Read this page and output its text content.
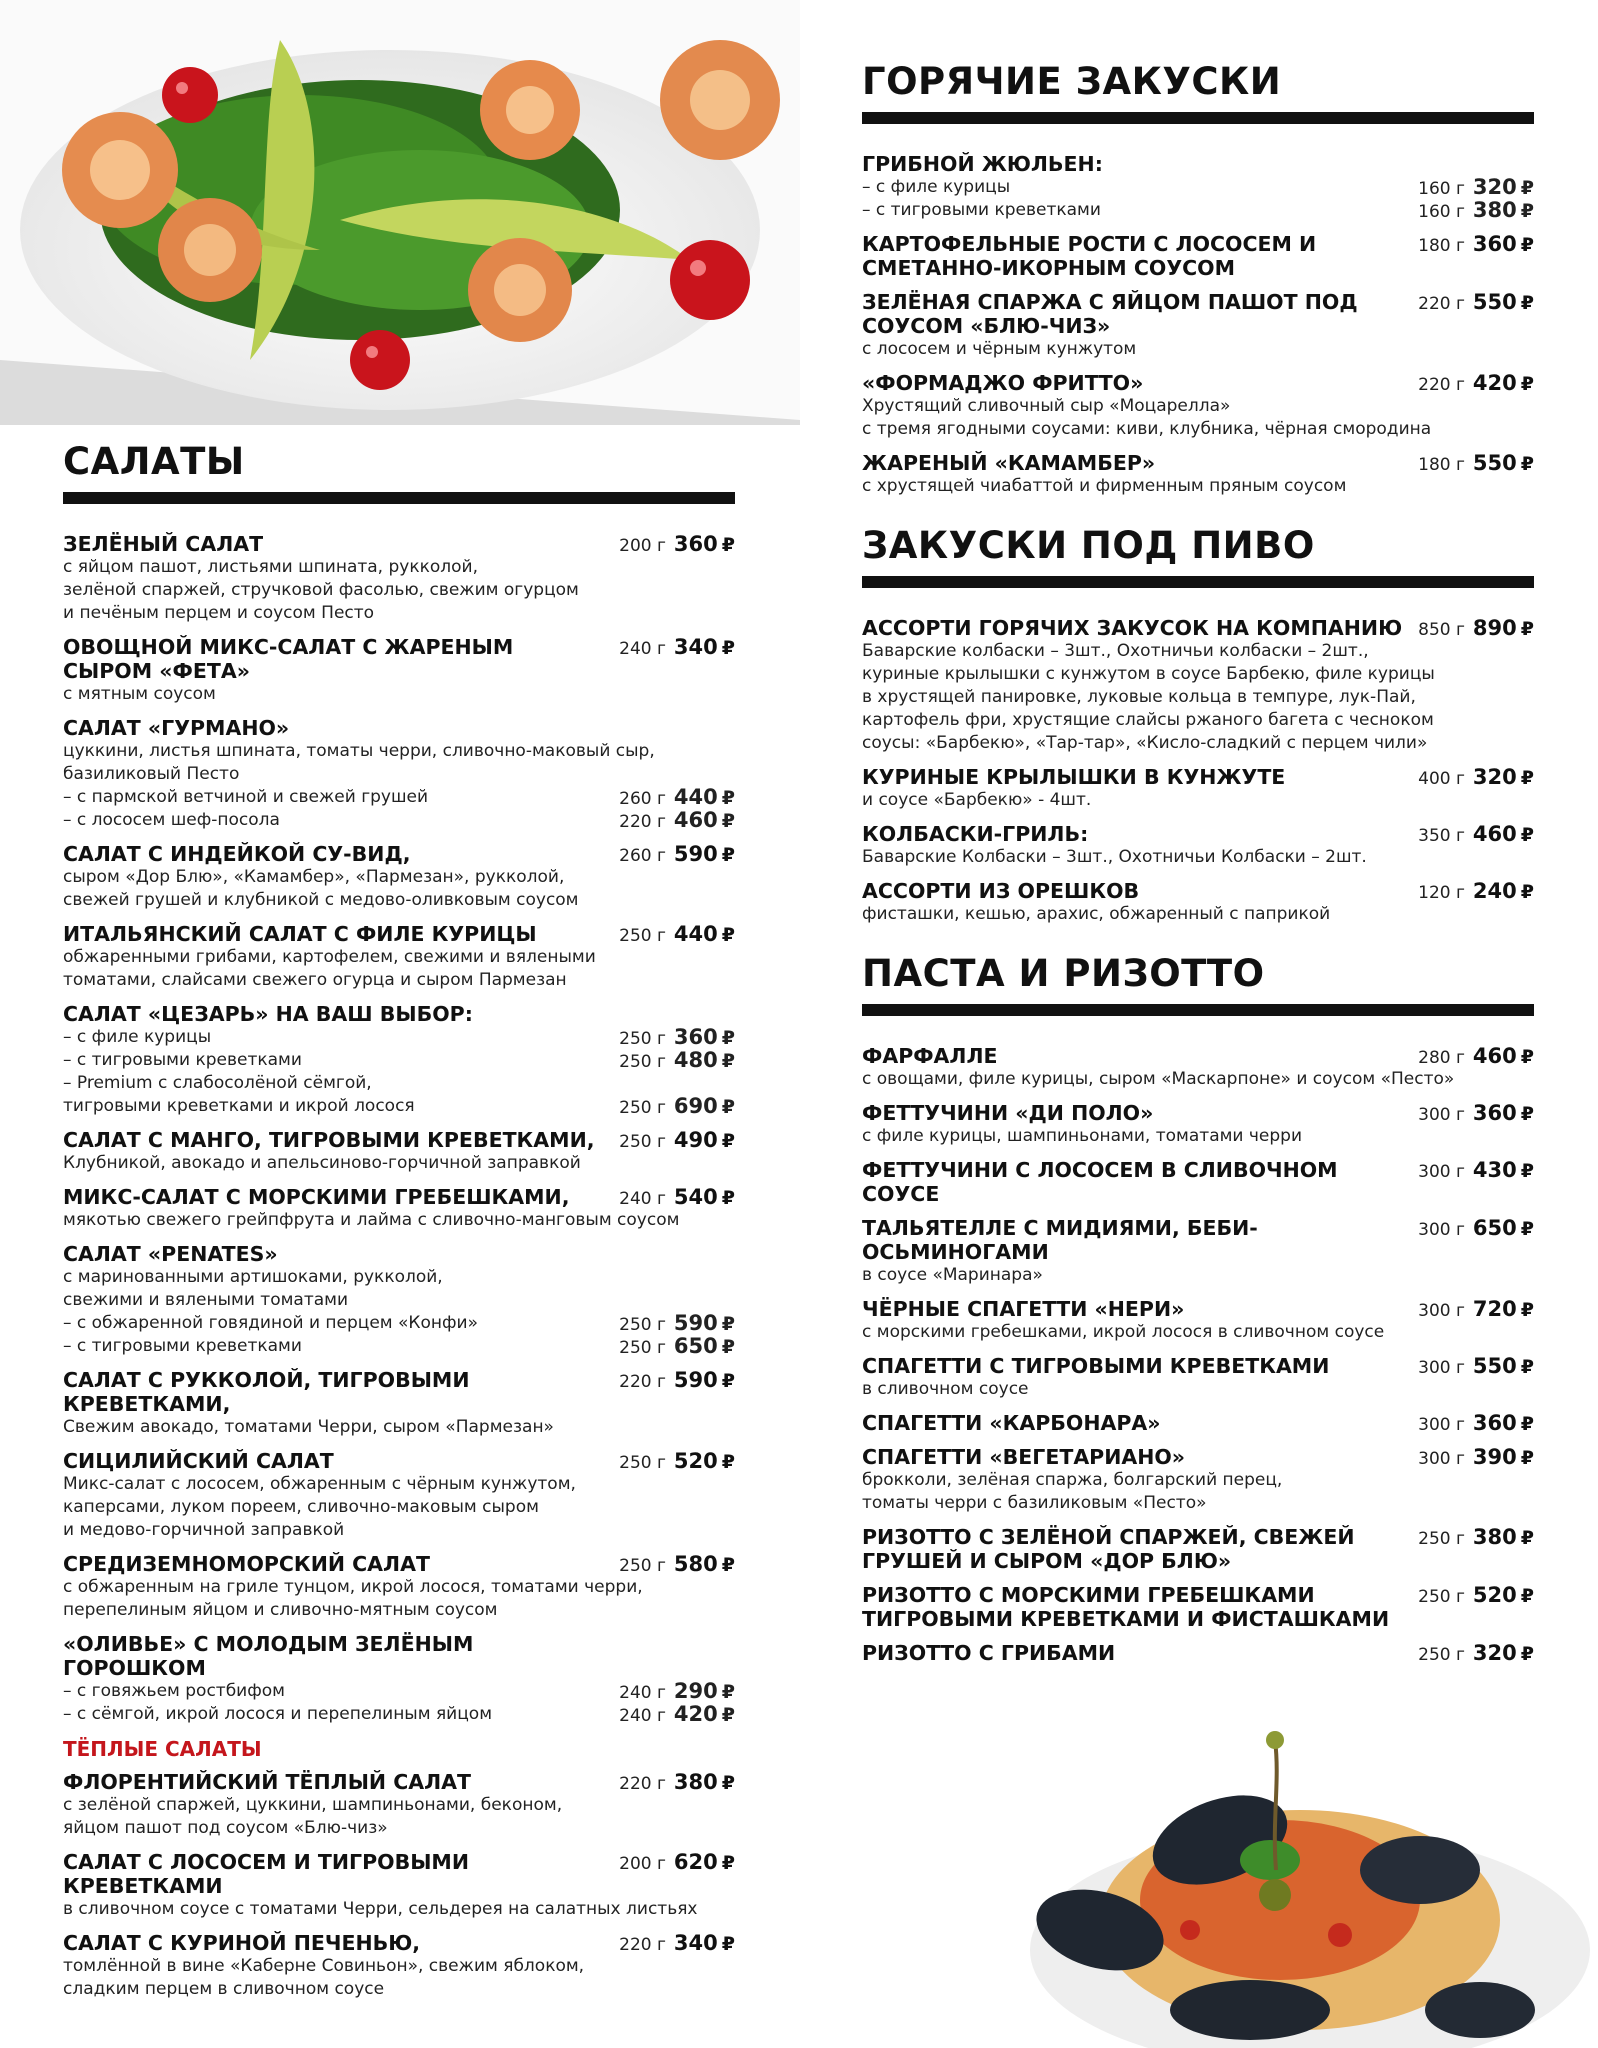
САЛАТЫ
ЗЕЛЁНЫЙ САЛАТ	200 г 360 ₽
с яйцом пашот, листьями шпината, рукколой,
зелёной спаржей, стручковой фасолью, свежим огурцом
и печёным перцем и соусом Песто
ОВОЩНОЙ МИКС-САЛАТ С ЖАРЕНЫМ СЫРОМ «ФЕТА»
240 г 340 ₽
с мятным соусом
САЛАТ «ГУРМАНО»
цуккини, листья шпината, томаты черри, сливочно-маковый сыр,
базиликовый Песто
– с пармской ветчиной и свежей грушей	260 г 440 ₽
– с лососем шеф-посола	220 г 460 ₽
САЛАТ С ИНДЕЙКОЙ СУ-ВИД,	260 г 590 ₽
сыром «Дор Блю», «Камамбер», «Пармезан», рукколой,
свежей грушей и клубникой с медово-оливковым соусом
ИТАЛЬЯНСКИЙ САЛАТ С ФИЛЕ КУРИЦЫ	250 г 440 ₽
обжаренными грибами, картофелем, свежими и вялеными
томатами, слайсами свежего огурца и сыром Пармезан
САЛАТ «ЦЕЗАРЬ» НА ВАШ ВЫБОР:
– с филе курицы	250 г 360 ₽
– с тигровыми креветками	250 г 480 ₽
– Premium с слабосолёной сёмгой,
тигровыми креветками и икрой лосося	250 г 690 ₽
САЛАТ С МАНГО, ТИГРОВЫМИ КРЕВЕТКАМИ,	250 г 490 ₽
Клубникой, авокадо и апельсиново-горчичной заправкой
МИКС-САЛАТ С МОРСКИМИ ГРЕБЕШКАМИ,	240 г 540 ₽
мякотью свежего грейпфрута и лайма с сливочно-манговым соусом
САЛАТ «PENATES»
с маринованными артишоками, рукколой,
свежими и вялеными томатами
– с обжаренной говядиной и перцем «Конфи»	250 г 590 ₽
– с тигровыми креветками	250 г 650 ₽
САЛАТ С РУККОЛОЙ, ТИГРОВЫМИ КРЕВЕТКАМИ,
220 г 590 ₽
Свежим авокадо, томатами Черри, сыром «Пармезан»
СИЦИЛИЙСКИЙ САЛАТ	250 г 520 ₽
Микс-салат с лососем, обжаренным с чёрным кунжутом,
каперсами, луком пореем, сливочно-маковым сыром
и медово-горчичной заправкой
СРЕДИЗЕМНОМОРСКИЙ САЛАТ	250 г 580 ₽
с обжаренным на гриле тунцом, икрой лосося, томатами черри,
перепелиным яйцом и сливочно-мятным соусом
«ОЛИВЬЕ» С МОЛОДЫМ ЗЕЛЁНЫМ ГОРОШКОМ
– с говяжьем ростбифом	240 г 290 ₽
– с сёмгой, икрой лосося и перепелиным яйцом	240 г 420 ₽
ТЁПЛЫЕ САЛАТЫ
ФЛОРЕНТИЙСКИЙ ТЁПЛЫЙ САЛАТ	220 г 380 ₽
с зелёной спаржей, цуккини, шампиньонами, беконом,
яйцом пашот под соусом «Блю-чиз»
САЛАТ С ЛОСОСЕМ И ТИГРОВЫМИ КРЕВЕТКАМИ
200 г 620 ₽
в сливочном соусе с томатами Черри, сельдерея на салатных листьях
САЛАТ С КУРИНОЙ ПЕЧЕНЬЮ,	220 г 340 ₽
томлённой в вине «Каберне Совиньон», свежим яблоком,
сладким перцем в сливочном соусе
ГОРЯЧИЕ ЗАКУСКИ
ГРИБНОЙ ЖЮЛЬЕН:
– с филе курицы	160 г 320 ₽
– с тигровыми креветками	160 г 380 ₽
КАРТОФЕЛЬНЫЕ РОСТИ С ЛОСОСЕМ И СМЕТАННО-ИКОРНЫМ СОУСОМ
180 г 360 ₽
ЗЕЛЁНАЯ СПАРЖА С ЯЙЦОМ ПАШОТ ПОД СОУСОМ «БЛЮ-ЧИЗ»
220 г 550 ₽
с лососем и чёрным кунжутом
«ФОРМАДЖО ФРИТТО»	220 г 420 ₽
Хрустящий сливочный сыр «Моцарелла»
с тремя ягодными соусами: киви, клубника, чёрная смородина
ЖАРЕНЫЙ «КАМАМБЕР»	180 г 550 ₽
с хрустящей чиабаттой и фирменным пряным соусом
ЗАКУСКИ ПОД ПИВО
АССОРТИ ГОРЯЧИХ ЗАКУСОК НА КОМПАНИЮ 850 г 890 ₽
Баварские колбаски – 3шт., Охотничьи колбаски – 2шт.,
куриные крылышки с кунжутом в соусе Барбекю, филе курицы
в хрустящей панировке, луковые кольца в темпуре, лук-Пай,
картофель фри, хрустящие слайсы ржаного багета с чесноком
соусы: «Барбекю», «Тар-тар», «Кисло-сладкий с перцем чили»
КУРИНЫЕ КРЫЛЫШКИ В КУНЖУТЕ	400 г 320 ₽
и соусе «Барбекю» - 4шт.
КОЛБАСКИ-ГРИЛЬ:	350 г 460 ₽
Баварские Колбаски – 3шт., Охотничьи Колбаски – 2шт.
АССОРТИ ИЗ ОРЕШКОВ	120 г 240 ₽
фисташки, кешью, арахис, обжаренный с паприкой
ПАСТА И РИЗОТТО
ФАРФАЛЛЕ	280 г 460 ₽
с овощами, филе курицы, сыром «Маскарпоне» и соусом «Песто»
ФЕТТУЧИНИ «ДИ ПОЛО»	300 г 360 ₽
с филе курицы, шампиньонами, томатами черри
ФЕТТУЧИНИ С ЛОСОСЕМ В СЛИВОЧНОМ СОУСЕ
300 г 430 ₽
ТАЛЬЯТЕЛЛЕ С МИДИЯМИ, БЕБИ-ОСЬМИНОГАМИ
300 г 650 ₽
в соусе «Маринара»
ЧЁРНЫЕ СПАГЕТТИ «НЕРИ»	300 г 720 ₽
с морскими гребешками, икрой лосося в сливочном соусе
СПАГЕТТИ С ТИГРОВЫМИ КРЕВЕТКАМИ	300 г 550 ₽
в сливочном соусе
СПАГЕТТИ «КАРБОНАРА»	300 г 360 ₽
СПАГЕТТИ «ВЕГЕТАРИАНО»	300 г 390 ₽
брокколи, зелёная спаржа, болгарский перец,
томаты черри с базиликовым «Песто»
РИЗОТТО С ЗЕЛЁНОЙ СПАРЖЕЙ, СВЕЖЕЙ ГРУШЕЙ И СЫРОМ «ДОР БЛЮ»
250 г 380 ₽
РИЗОТТО С МОРСКИМИ ГРЕБЕШКАМИ ТИГРОВЫМИ КРЕВЕТКАМИ И ФИСТАШКАМИ
250 г 520 ₽
РИЗОТТО С ГРИБАМИ	250 г 320 ₽
